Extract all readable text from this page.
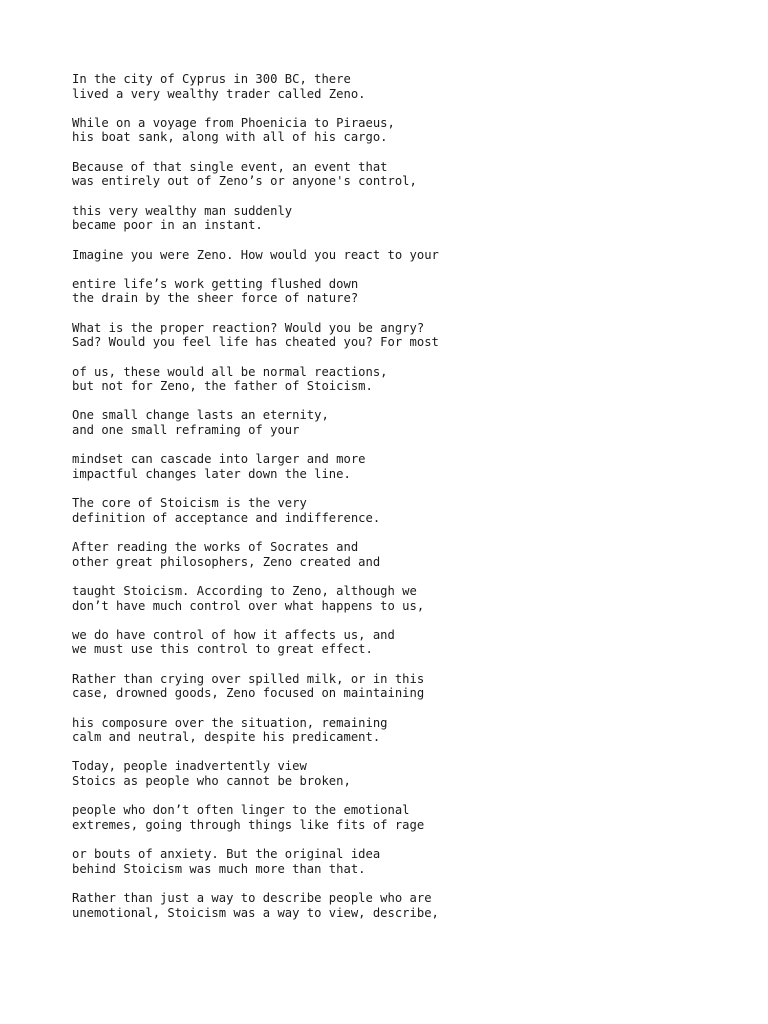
In the city of Cyprus in 300 BC, there
lived a very wealthy trader called Zeno.

While on a voyage from Phoenicia to Piraeus,
his boat sank, along with all of his cargo.

Because of that single event, an event that
was entirely out of Zeno’s or anyone's control,

this very wealthy man suddenly
became poor in an instant.

Imagine you were Zeno. How would you react to your

entire life’s work getting flushed down
the drain by the sheer force of nature?

What is the proper reaction? Would you be angry?
Sad? Would you feel life has cheated you? For most

of us, these would all be normal reactions,
but not for Zeno, the father of Stoicism.

One small change lasts an eternity,
and one small reframing of your

mindset can cascade into larger and more
impactful changes later down the line.

The core of Stoicism is the very
definition of acceptance and indifference.

After reading the works of Socrates and
other great philosophers, Zeno created and

taught Stoicism. According to Zeno, although we
don’t have much control over what happens to us,

we do have control of how it affects us, and
we must use this control to great effect.

Rather than crying over spilled milk, or in this
case, drowned goods, Zeno focused on maintaining

his composure over the situation, remaining
calm and neutral, despite his predicament.

Today, people inadvertently view
Stoics as people who cannot be broken,

people who don’t often linger to the emotional
extremes, going through things like fits of rage

or bouts of anxiety. But the original idea
behind Stoicism was much more than that.

Rather than just a way to describe people who are
unemotional, Stoicism was a way to view, describe,
